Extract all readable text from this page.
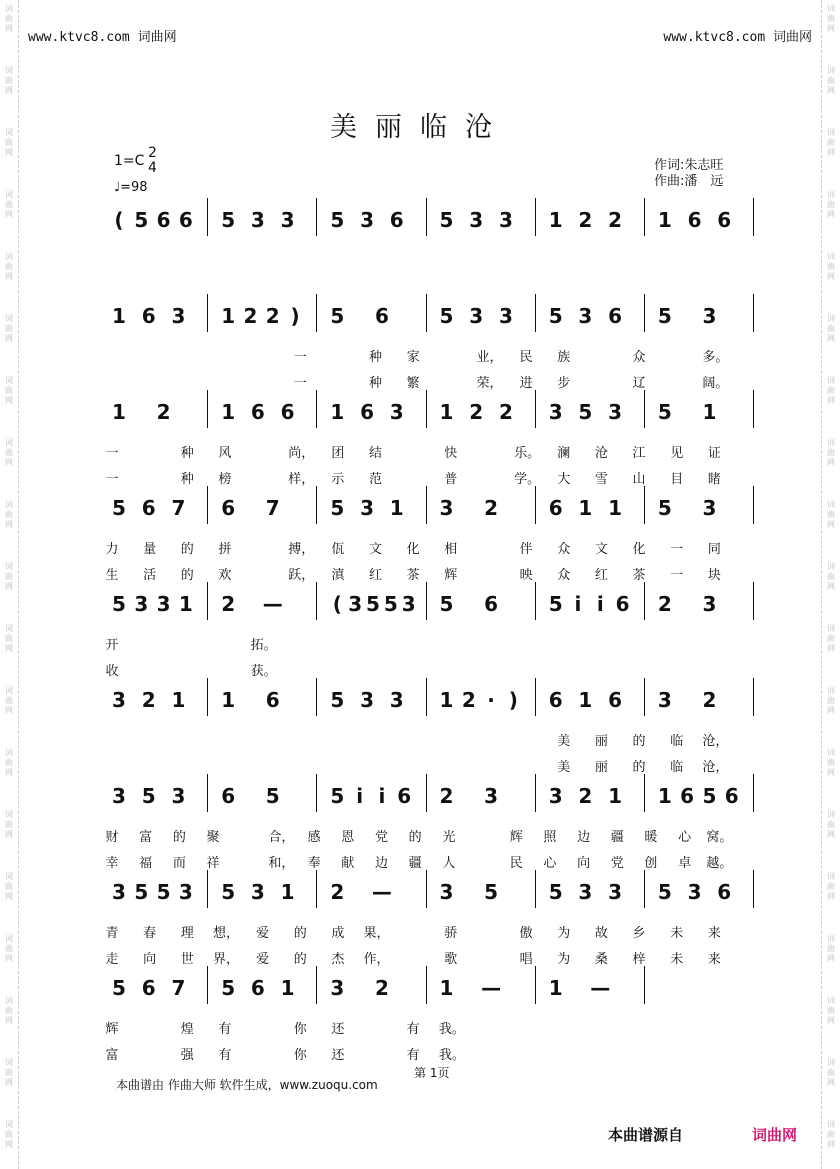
词
曲
网
词
曲
网
词
曲
网
词
曲
网
词
曲
网
词
曲
网
词
曲
网
词
曲
网
词
曲
网
词
曲
网
词
曲
网
词
曲
网
词
曲
网
词
曲
网
词
曲
网
词
曲
网
词
曲
网
词
曲
网
词
曲
网
词
曲
网
词
曲
网
词
曲
网
词
曲
网
词
曲
网
词
曲
网
词
曲
网
词
曲
网
词
曲
网
词
曲
网
词
曲
网
词
曲
网
词
曲
网
词
曲
网
词
曲
网
词
曲
网
词
曲
网
词
曲
网
词
曲
网
www.ktvc8.com 词曲网	www.ktvc8.com 词曲网
美丽临沧
1=C 2
4
♩=98
作词:朱志旺
作曲:潘　远
( 5 6 6	5 3 3	5 3 6	5 3 3	1 2 2	1 6 6
1 6 3	1 2 2 )	5	6	5 3 3	5 3 6	5	3
一	种	家	业，	民	族	众	多。
一	种	繁	荣，	进	步	辽	阔。
1	2	1 6 6	1 6 3	1 2 2	3 5 3	5	1
一	种	风	尚，	团	结	快	乐。	澜	沧	江	见	证
一	种	榜	样，	示	范	普	学。	大	雪	山	目	睹
5 6 7	6	7	5 3 1	3	2	6 1 1	5	3
力	量	的	拼	搏，	佤	文	化	相	伴	众	文	化	一	同
生	活	的	欢	跃，	滇	红	茶	辉	映	众	红	茶	一	块
5 3 3 1	2	—	( 3 5 5 3	5	6	5 i i 6	2	3
开	拓。
收	获。
3 2 1	1	6	5 3 3	1 2 · )	6 1 6	3	2
美	丽	的	临	沧，
美	丽	的	临	沧，
3 5 3	6	5	5 i i 6	2	3	3 2 1	1 6 5 6
财	富	的	聚	合，	感	恩	党	的	光	辉	照	边	疆	暖	心	窝。
幸	福	而	祥	和，	奉	献	边	疆	人	民	心	向	党	创	卓	越。
3 5 5 3	5 3 1	2	—	3	5	5 3 3	5 3 6
青	春	理	想，	爱	的	成	果，	骄	傲	为	故	乡	未	来
走	向	世	界，	爱	的	杰	作，	歌	唱	为	桑	梓	未	来
5 6 7	5 6 1	3	2	1	—	1	—
辉	煌	有	你	还	有	我。
富	强	有	你	还	有	我。
本曲谱由 作曲大师 软件生成，www.zuoqu.com
第 1页
本曲谱源自	词曲网
